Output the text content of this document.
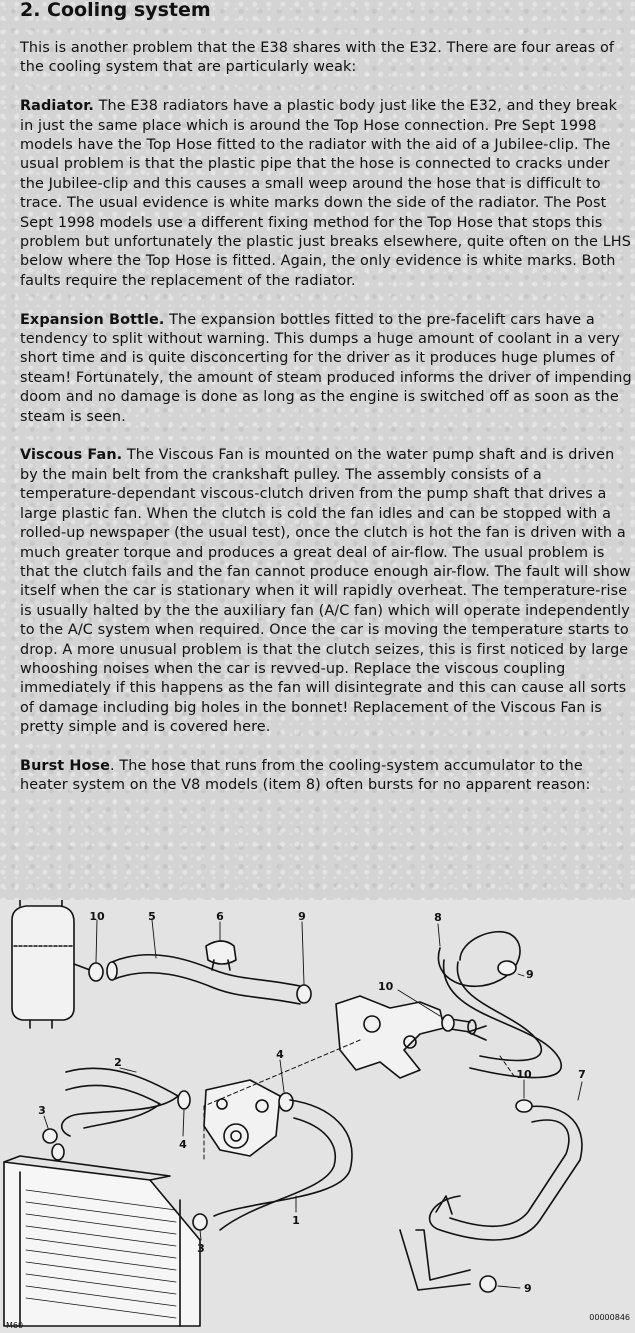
2. Cooling system

This is another problem that the E38 shares with the E32. There are four areas of the cooling system that are particularly weak:

Radiator. The E38 radiators have a plastic body just like the E32, and they break in just the same place which is around the Top Hose connection. Pre Sept 1998 models have the Top Hose fitted to the radiator with the aid of a Jubilee-clip. The usual problem is that the plastic pipe that the hose is connected to cracks under the Jubilee-clip and this causes a small weep around the hose that is difficult to trace. The usual evidence is white marks down the side of the radiator. The Post Sept 1998 models use a different fixing method for the Top Hose that stops this problem but unfortunately the plastic just breaks elsewhere, quite often on the LHS below where the Top Hose is fitted. Again, the only evidence is white marks. Both faults require the replacement of the radiator.

Expansion Bottle. The expansion bottles fitted to the pre-facelift cars have a tendency to split without warning. This dumps a huge amount of coolant in a very short time and is quite disconcerting for the driver as it produces huge plumes of steam! Fortunately, the amount of steam produced informs the driver of impending doom and no damage is done as long as the engine is switched off as soon as the steam is seen.

Viscous Fan. The Viscous Fan is mounted on the water pump shaft and is driven by the main belt from the crankshaft pulley. The assembly consists of a temperature-dependant viscous-clutch driven from the pump shaft that drives a large plastic fan. When the clutch is cold the fan idles and can be stopped with a rolled-up newspaper (the usual test), once the clutch is hot the fan is driven with a much greater torque and produces a great deal of air-flow. The usual problem is that the clutch fails and the fan cannot produce enough air-flow. The fault will show itself when the car is stationary when it will rapidly overheat. The temperature-rise is usually halted by the the auxiliary fan (A/C fan) which will operate independently to the A/C system when required. Once the car is moving the temperature starts to drop. A more unusual problem is that the clutch seizes, this is first noticed by large whooshing noises when the car is revved-up. Replace the viscous coupling immediately if this happens as the fan will disintegrate and this can cause all sorts of damage including big holes in the bonnet! Replacement of the Viscous Fan is pretty simple and is covered here.

Burst Hose. The hose that runs from the cooling-system accumulator to the heater system on the V8 models (item 8) often bursts for no apparent reason:

10	5	6	9	8
9
10
2
4
10	7
3
4
1
3
9
M60
00000846
